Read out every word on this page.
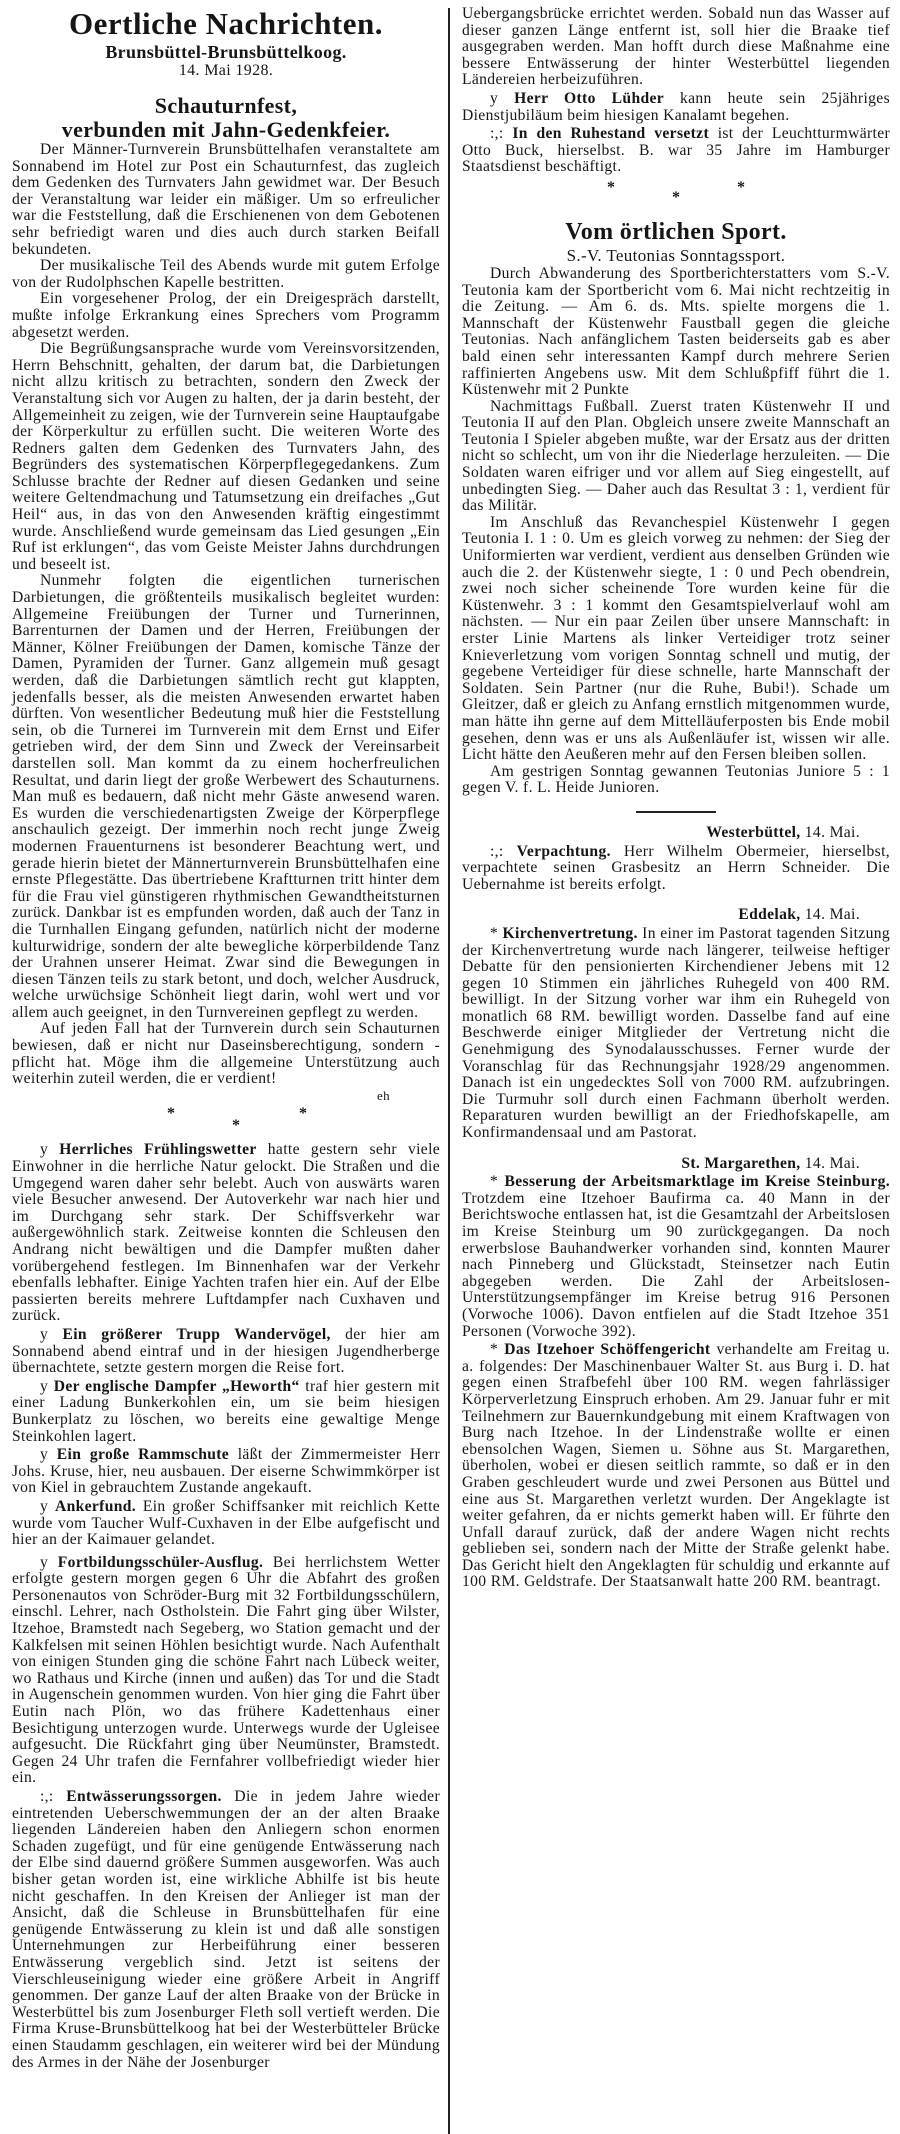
Oertliche Nachrichten.

Brunsbüttel-Brunsbüttelkoog.

14. Mai 1928.

Schauturnfest,

verbunden mit Jahn-Gedenkfeier.

Der Männer-Turnverein Brunsbüttelhafen veranstaltete am Sonnabend im Hotel zur Post ein Schauturnfest, das zugleich dem Gedenken des Turnvaters Jahn gewidmet war. Der Besuch der Veranstaltung war leider ein mäßiger. Um so erfreulicher war die Feststellung, daß die Erschienenen von dem Gebotenen sehr befriedigt waren und dies auch durch starken Beifall bekundeten.

Der musikalische Teil des Abends wurde mit gutem Erfolge von der Rudolphschen Kapelle bestritten.

Ein vorgesehener Prolog, der ein Dreigespräch darstellt, mußte infolge Erkrankung eines Sprechers vom Programm abgesetzt werden.

Die Begrüßungsansprache wurde vom Vereinsvorsitzenden, Herrn Behschnitt, gehalten, der darum bat, die Darbietungen nicht allzu kritisch zu betrachten, sondern den Zweck der Veranstaltung sich vor Augen zu halten, der ja darin besteht, der Allgemeinheit zu zeigen, wie der Turnverein seine Hauptaufgabe der Körperkultur zu erfüllen sucht. Die weiteren Worte des Redners galten dem Gedenken des Turnvaters Jahn, des Begründers des systematischen Körperpflegegedankens. Zum Schlusse brachte der Redner auf diesen Gedanken und seine weitere Geltendmachung und Tatumsetzung ein dreifaches „Gut Heil“ aus, in das von den Anwesenden kräftig eingestimmt wurde. Anschließend wurde gemeinsam das Lied gesungen „Ein Ruf ist erklungen“, das vom Geiste Meister Jahns durchdrungen und beseelt ist.

Nunmehr folgten die eigentlichen turnerischen Darbietungen, die größtenteils musikalisch begleitet wurden: Allgemeine Freiübungen der Turner und Turnerinnen, Barrenturnen der Damen und der Herren, Freiübungen der Männer, Kölner Freiübungen der Damen, komische Tänze der Damen, Pyramiden der Turner. Ganz allgemein muß gesagt werden, daß die Darbietungen sämtlich recht gut klappten, jedenfalls besser, als die meisten Anwesenden erwartet haben dürften. Von wesentlicher Bedeutung muß hier die Feststellung sein, ob die Turnerei im Turnverein mit dem Ernst und Eifer getrieben wird, der dem Sinn und Zweck der Vereinsarbeit darstellen soll. Man kommt da zu einem hocherfreulichen Resultat, und darin liegt der große Werbewert des Schauturnens. Man muß es bedauern, daß nicht mehr Gäste anwesend waren. Es wurden die verschiedenartigsten Zweige der Körperpflege anschaulich gezeigt. Der immerhin noch recht junge Zweig modernen Frauenturnens ist besonderer Beachtung wert, und gerade hierin bietet der Männerturnverein Brunsbüttelhafen eine ernste Pflegestätte. Das übertriebene Kraftturnen tritt hinter dem für die Frau viel günstigeren rhythmischen Gewandtheitsturnen zurück. Dankbar ist es empfunden worden, daß auch der Tanz in die Turnhallen Eingang gefunden, natürlich nicht der moderne kulturwidrige, sondern der alte bewegliche körperbildende Tanz der Urahnen unserer Heimat. Zwar sind die Bewegungen in diesen Tänzen teils zu stark betont, und doch, welcher Ausdruck, welche urwüchsige Schönheit liegt darin, wohl wert und vor allem auch geeignet, in den Turnvereinen gepflegt zu werden.

Auf jeden Fall hat der Turnverein durch sein Schauturnen bewiesen, daß er nicht nur Daseinsberechtigung, sondern -pflicht hat. Möge ihm die allgemeine Unterstützung auch weiterhin zuteil werden, die er verdient!

eh

*
*
*

y Herrliches Frühlingswetter hatte gestern sehr viele Einwohner in die herrliche Natur gelockt. Die Straßen und die Umgegend waren daher sehr belebt. Auch von auswärts waren viele Besucher anwesend. Der Autoverkehr war nach hier und im Durchgang sehr stark. Der Schiffsverkehr war außergewöhnlich stark. Zeitweise konnten die Schleusen den Andrang nicht bewältigen und die Dampfer mußten daher vorübergehend festlegen. Im Binnenhafen war der Verkehr ebenfalls lebhafter. Einige Yachten trafen hier ein. Auf der Elbe passierten bereits mehrere Luftdampfer nach Cuxhaven und zurück.

y Ein größerer Trupp Wandervögel, der hier am Sonnabend abend eintraf und in der hiesigen Jugendherberge übernachtete, setzte gestern morgen die Reise fort.

y Der englische Dampfer „Heworth“ traf hier gestern mit einer Ladung Bunkerkohlen ein, um sie beim hiesigen Bunkerplatz zu löschen, wo bereits eine gewaltige Menge Steinkohlen lagert.

y Ein große Rammschute läßt der Zimmermeister Herr Johs. Kruse, hier, neu ausbauen. Der eiserne Schwimmkörper ist von Kiel in gebrauchtem Zustande angekauft.

y Ankerfund. Ein großer Schiffsanker mit reichlich Kette wurde vom Taucher Wulf-Cuxhaven in der Elbe aufgefischt und hier an der Kaimauer gelandet.

y Fortbildungsschüler-Ausflug. Bei herrlichstem Wetter erfolgte gestern morgen gegen 6 Uhr die Abfahrt des großen Personenautos von Schröder-Burg mit 32 Fortbildungsschülern, einschl. Lehrer, nach Ostholstein. Die Fahrt ging über Wilster, Itzehoe, Bramstedt nach Segeberg, wo Station gemacht und der Kalkfelsen mit seinen Höhlen besichtigt wurde. Nach Aufenthalt von einigen Stunden ging die schöne Fahrt nach Lübeck weiter, wo Rathaus und Kirche (innen und außen) das Tor und die Stadt in Augenschein genommen wurden. Von hier ging die Fahrt über Eutin nach Plön, wo das frühere Kadettenhaus einer Besichtigung unterzogen wurde. Unterwegs wurde der Ugleisee aufgesucht. Die Rückfahrt ging über Neumünster, Bramstedt. Gegen 24 Uhr trafen die Fernfahrer vollbefriedigt wieder hier ein.

:,: Entwässerungssorgen. Die in jedem Jahre wieder eintretenden Ueberschwemmungen der an der alten Braake liegenden Ländereien haben den Anliegern schon enormen Schaden zugefügt, und für eine genügende Entwässerung nach der Elbe sind dauernd größere Summen ausgeworfen. Was auch bisher getan worden ist, eine wirkliche Abhilfe ist bis heute nicht geschaffen. In den Kreisen der Anlieger ist man der Ansicht, daß die Schleuse in Brunsbüttelhafen für eine genügende Entwässerung zu klein ist und daß alle sonstigen Unternehmungen zur Herbeiführung einer besseren Entwässerung vergeblich sind. Jetzt ist seitens der Vierschleuseinigung wieder eine größere Arbeit in Angriff genommen. Der ganze Lauf der alten Braake von der Brücke in Westerbüttel bis zum Josenburger Fleth soll vertieft werden. Die Firma Kruse-Brunsbüttelkoog hat bei der Westerbütteler Brücke einen Staudamm geschlagen, ein weiterer wird bei der Mündung des Armes in der Nähe der Josenburger

Uebergangsbrücke errichtet werden. Sobald nun das Wasser auf dieser ganzen Länge entfernt ist, soll hier die Braake tief ausgegraben werden. Man hofft durch diese Maßnahme eine bessere Entwässerung der hinter Westerbüttel liegenden Ländereien herbeizuführen.

y Herr Otto Lühder kann heute sein 25jähriges Dienstjubiläum beim hiesigen Kanalamt begehen.

:,: In den Ruhestand versetzt ist der Leuchtturmwärter Otto Buck, hierselbst. B. war 35 Jahre im Hamburger Staatsdienst beschäftigt.

*
*
*

Vom örtlichen Sport.

S.-V. Teutonias Sonntagssport.

Durch Abwanderung des Sportberichterstatters vom S.-V. Teutonia kam der Sportbericht vom 6. Mai nicht rechtzeitig in die Zeitung. — Am 6. ds. Mts. spielte morgens die 1. Mannschaft der Küstenwehr Faustball gegen die gleiche Teutonias. Nach anfänglichem Tasten beiderseits gab es aber bald einen sehr interessanten Kampf durch mehrere Serien raffinierten Angebens usw. Mit dem Schlußpfiff führt die 1. Küstenwehr mit 2 Punkte

Nachmittags Fußball. Zuerst traten Küstenwehr II und Teutonia II auf den Plan. Obgleich unsere zweite Mannschaft an Teutonia I Spieler abgeben mußte, war der Ersatz aus der dritten nicht so schlecht, um von ihr die Niederlage herzuleiten. — Die Soldaten waren eifriger und vor allem auf Sieg eingestellt, auf unbedingten Sieg. — Daher auch das Resultat 3 : 1, verdient für das Militär.

Im Anschluß das Revanchespiel Küstenwehr I gegen Teutonia I. 1 : 0. Um es gleich vorweg zu nehmen: der Sieg der Uniformierten war verdient, verdient aus denselben Gründen wie auch die 2. der Küstenwehr siegte, 1 : 0 und Pech obendrein, zwei noch sicher scheinende Tore wurden keine für die Küstenwehr. 3 : 1 kommt den Gesamtspielverlauf wohl am nächsten. — Nur ein paar Zeilen über unsere Mannschaft: in erster Linie Martens als linker Verteidiger trotz seiner Knieverletzung vom vorigen Sonntag schnell und mutig, der gegebene Verteidiger für diese schnelle, harte Mannschaft der Soldaten. Sein Partner (nur die Ruhe, Bubi!). Schade um Gleitzer, daß er gleich zu Anfang ernstlich mitgenommen wurde, man hätte ihn gerne auf dem Mittelläuferposten bis Ende mobil gesehen, denn was er uns als Außenläufer ist, wissen wir alle. Licht hätte den Aeußeren mehr auf den Fersen bleiben sollen.

Am gestrigen Sonntag gewannen Teutonias Juniore 5 : 1 gegen V. f. L. Heide Junioren.

Westerbüttel, 14. Mai.

:,: Verpachtung. Herr Wilhelm Obermeier, hierselbst, verpachtete seinen Grasbesitz an Herrn Schneider. Die Uebernahme ist bereits erfolgt.

Eddelak, 14. Mai.

* Kirchenvertretung. In einer im Pastorat tagenden Sitzung der Kirchenvertretung wurde nach längerer, teilweise heftiger Debatte für den pensionierten Kirchendiener Jebens mit 12 gegen 10 Stimmen ein jährliches Ruhegeld von 400 RM. bewilligt. In der Sitzung vorher war ihm ein Ruhegeld von monatlich 68 RM. bewilligt worden. Dasselbe fand auf eine Beschwerde einiger Mitglieder der Vertretung nicht die Genehmigung des Synodalausschusses. Ferner wurde der Voranschlag für das Rechnungsjahr 1928/29 angenommen. Danach ist ein ungedecktes Soll von 7000 RM. aufzubringen. Die Turmuhr soll durch einen Fachmann überholt werden. Reparaturen wurden bewilligt an der Friedhofskapelle, am Konfirmandensaal und am Pastorat.

St. Margarethen, 14. Mai.

* Besserung der Arbeitsmarktlage im Kreise Steinburg. Trotzdem eine Itzehoer Baufirma ca. 40 Mann in der Berichtswoche entlassen hat, ist die Gesamtzahl der Arbeitslosen im Kreise Steinburg um 90 zurückgegangen. Da noch erwerbslose Bauhandwerker vorhanden sind, konnten Maurer nach Pinneberg und Glückstadt, Steinsetzer nach Eutin abgegeben werden. Die Zahl der Arbeitslosen-Unterstützungsempfänger im Kreise betrug 916 Personen (Vorwoche 1006). Davon entfielen auf die Stadt Itzehoe 351 Personen (Vorwoche 392).

* Das Itzehoer Schöffengericht verhandelte am Freitag u. a. folgendes: Der Maschinenbauer Walter St. aus Burg i. D. hat gegen einen Strafbefehl über 100 RM. wegen fahrlässiger Körperverletzung Einspruch erhoben. Am 29. Januar fuhr er mit Teilnehmern zur Bauernkundgebung mit einem Kraftwagen von Burg nach Itzehoe. In der Lindenstraße wollte er einen ebensolchen Wagen, Siemen u. Söhne aus St. Margarethen, überholen, wobei er diesen seitlich rammte, so daß er in den Graben geschleudert wurde und zwei Personen aus Büttel und eine aus St. Margarethen verletzt wurden. Der Angeklagte ist weiter gefahren, da er nichts gemerkt haben will. Er führte den Unfall darauf zurück, daß der andere Wagen nicht rechts geblieben sei, sondern nach der Mitte der Straße gelenkt habe. Das Gericht hielt den Angeklagten für schuldig und erkannte auf 100 RM. Geldstrafe. Der Staatsanwalt hatte 200 RM. beantragt.
